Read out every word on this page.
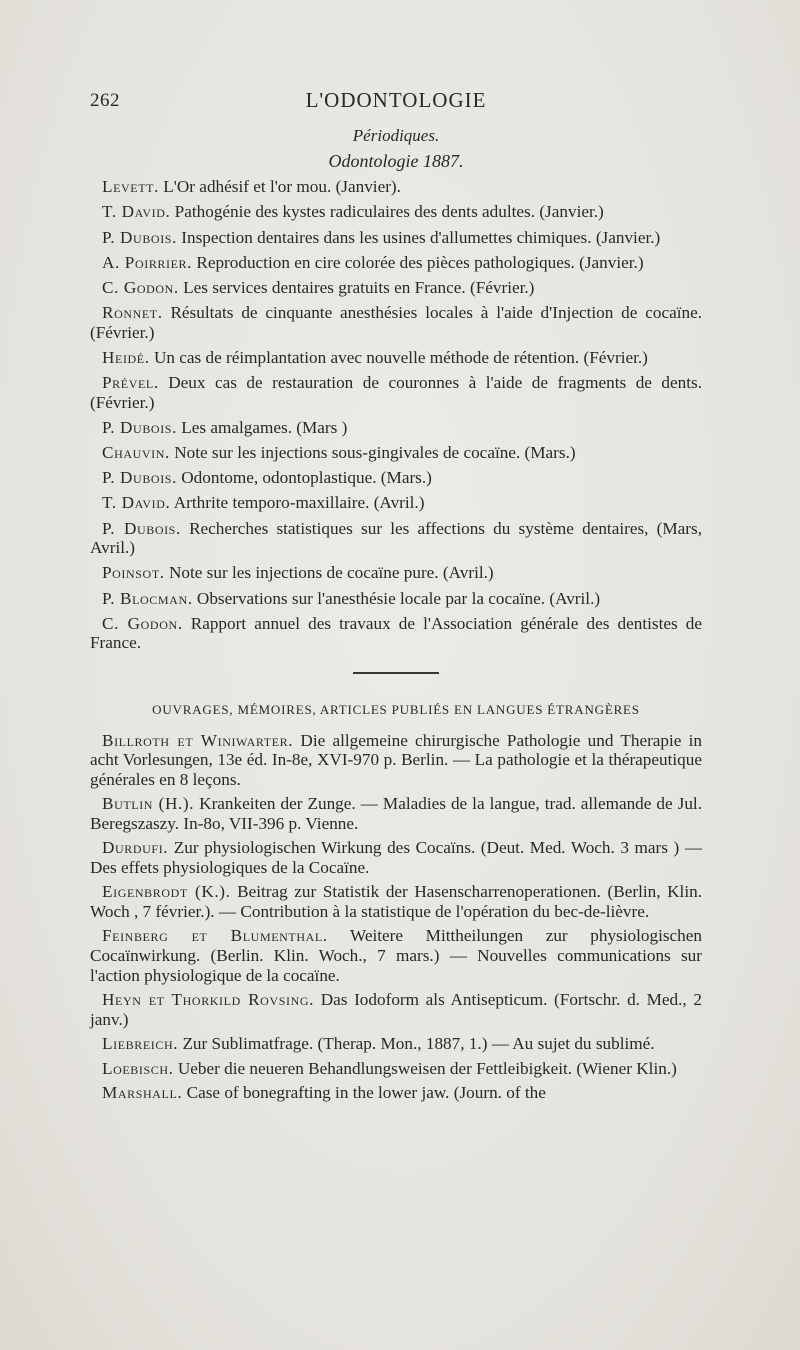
262	L'ODONTOLOGIE

Périodiques.

Odontologie 1887.

Levett. L'Or adhésif et l'or mou. (Janvier).

T. David. Pathogénie des kystes radiculaires des dents adultes. (Janvier.)

P. Dubois. Inspection dentaires dans les usines d'allumettes chimiques. (Janvier.)

A. Poirrier. Reproduction en cire colorée des pièces pathologiques. (Janvier.)

C. Godon. Les services dentaires gratuits en France. (Février.)

Ronnet. Résultats de cinquante anesthésies locales à l'aide d'Injection de cocaïne. (Février.)

Heidé. Un cas de réimplantation avec nouvelle méthode de rétention. (Février.)

Prével. Deux cas de restauration de couronnes à l'aide de fragments de dents. (Février.)

P. Dubois. Les amalgames. (Mars )

Chauvin. Note sur les injections sous-gingivales de cocaïne. (Mars.)

P. Dubois. Odontome, odontoplastique. (Mars.)

T. David. Arthrite temporo-maxillaire. (Avril.)

P. Dubois. Recherches statistiques sur les affections du système dentaires, (Mars, Avril.)

Poinsot. Note sur les injections de cocaïne pure. (Avril.)

P. Blocman. Observations sur l'anesthésie locale par la cocaïne. (Avril.)

C. Godon. Rapport annuel des travaux de l'Association générale des dentistes de France.

OUVRAGES, MÉMOIRES, ARTICLES PUBLIÉS EN LANGUES ÉTRANGÈRES

Billroth et Winiwarter. Die allgemeine chirurgische Pathologie und Therapie in acht Vorlesungen, 13e éd. In-8e, XVI-970 p. Berlin. — La pathologie et la thérapeutique générales en 8 leçons.

Butlin (H.). Krankeiten der Zunge. — Maladies de la langue, trad. allemande de Jul. Beregszaszy. In-8o, VII-396 p. Vienne.

Durdufi. Zur physiologischen Wirkung des Cocaïns. (Deut. Med. Woch. 3 mars ) — Des effets physiologiques de la Cocaïne.

Eigenbrodt (K.). Beitrag zur Statistik der Hasenscharrenoperationen. (Berlin, Klin. Woch , 7 février.). — Contribution à la statistique de l'opération du bec-de-lièvre.

Feinberg et Blumenthal. Weitere Mittheilungen zur physiologischen Cocaïnwirkung. (Berlin. Klin. Woch., 7 mars.) — Nouvelles communications sur l'action physiologique de la cocaïne.

Heyn et Thorkild Rovsing. Das Iodoform als Antisepticum. (Fortschr. d. Med., 2 janv.)

Liebreich. Zur Sublimatfrage. (Therap. Mon., 1887, 1.) — Au sujet du sublimé.

Loebisch. Ueber die neueren Behandlungsweisen der Fettleibigkeit. (Wiener Klin.)

Marshall. Case of bonegrafting in the lower jaw. (Journ. of the
